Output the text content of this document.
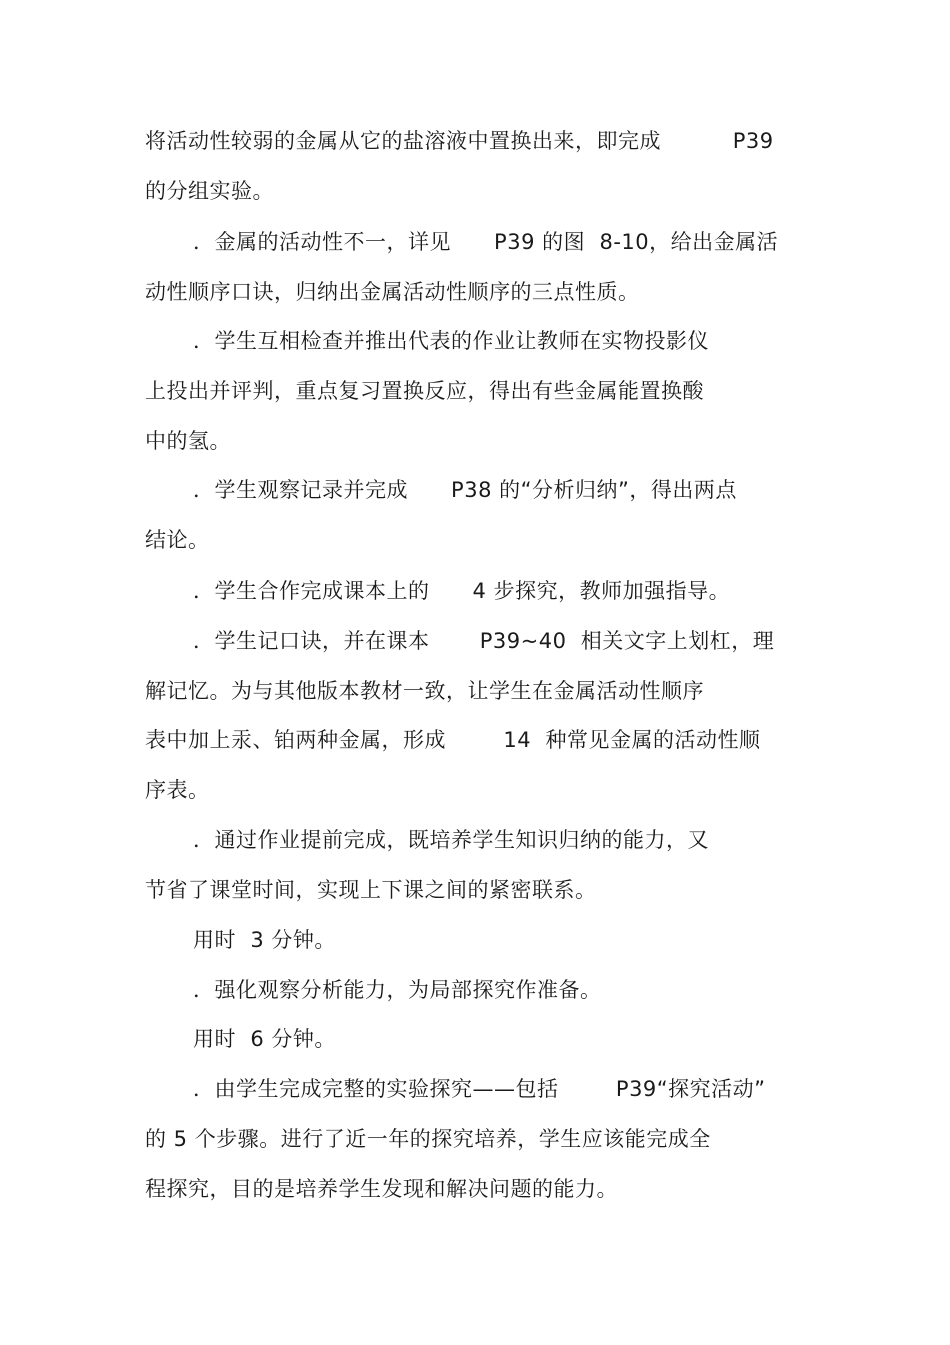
将活动性较弱的金属从它的盐溶液中置换出来，即完成          P39
的分组实验。
．金属的活动性不一，详见      P39 的图  8-10，给出金属活
动性顺序口诀，归纳出金属活动性顺序的三点性质。
．学生互相检查并推出代表的作业让教师在实物投影仪
上投出并评判，重点复习置换反应，得出有些金属能置换酸
中的氢。
．学生观察记录并完成      P38 的“分析归纳”，得出两点
结论。
．学生合作完成课本上的      4 步探究，教师加强指导。
．学生记口诀，并在课本       P39~40  相关文字上划杠，理
解记忆。为与其他版本教材一致，让学生在金属活动性顺序
表中加上汞、铂两种金属，形成        14  种常见金属的活动性顺
序表。
．通过作业提前完成，既培养学生知识归纳的能力，又
节省了课堂时间，实现上下课之间的紧密联系。
用时  3 分钟。
．强化观察分析能力，为局部探究作准备。
用时  6 分钟。
．由学生完成完整的实验探究——包括        P39“探究活动”
的 5 个步骤。进行了近一年的探究培养，学生应该能完成全
程探究，目的是培养学生发现和解决问题的能力。
